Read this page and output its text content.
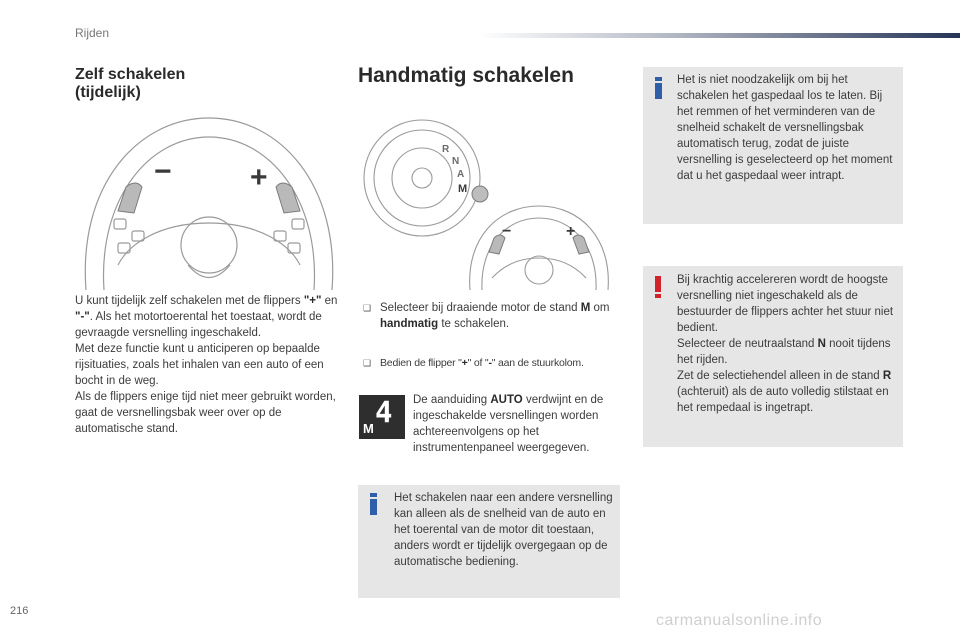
Rijden
Zelf schakelen
(tijdelijk)
−	+

U kunt tijdelijk zelf schakelen met de flippers "+" en "-". Als het motortoerental het toestaat, wordt de gevraagde versnelling ingeschakeld.

Met deze functie kunt u anticiperen op bepaalde rijsituaties, zoals het inhalen van een auto of een bocht in de weg.

Als de flippers enige tijd niet meer gebruikt worden, gaat de versnellingsbak weer over op de automatische stand.

Handmatig schakelen
R
N
A
M
−	+
❑ Selecteer bij draaiende motor de stand M om handmatig te schakelen.
❑ Bedien de flipper "+" of "-" aan de stuurkolom.
4
M
De aanduiding AUTO verdwijnt en de ingeschakelde versnellingen worden achtereenvolgens op het instrumentenpaneel weergegeven.
Het schakelen naar een andere versnelling kan alleen als de snelheid van de auto en het toerental van de motor dit toestaan, anders wordt er tijdelijk overgegaan op de automatische bediening.
Het is niet noodzakelijk om bij het schakelen het gaspedaal los te laten. Bij het remmen of het verminderen van de snelheid schakelt de versnellingsbak automatisch terug, zodat de juiste versnelling is geselecteerd op het moment dat u het gaspedaal weer intrapt.

Bij krachtig accelereren wordt de hoogste versnelling niet ingeschakeld als de bestuurder de flippers achter het stuur niet bedient.

Selecteer de neutraalstand N nooit tijdens het rijden.

Zet de selectiehendel alleen in de stand R (achteruit) als de auto volledig stilstaat en het rempedaal is ingetrapt.

216
carmanualsonline.info
